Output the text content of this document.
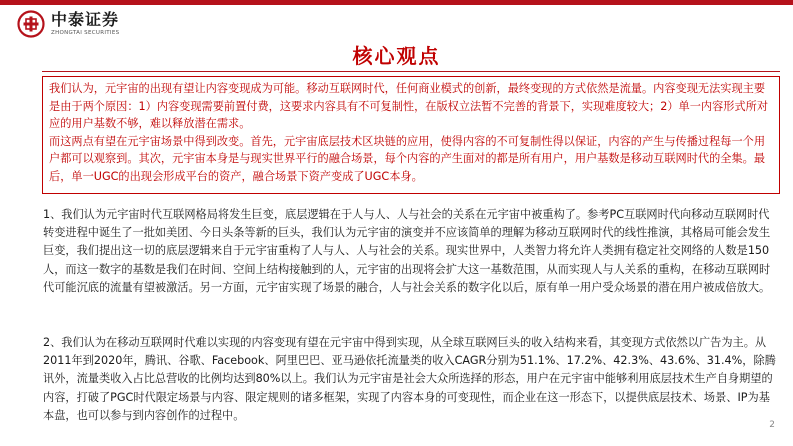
中泰证券
ZHONGTAI SECURITIES
核心观点

我们认为，元宇宙的出现有望让内容变现成为可能。移动互联网时代，任何商业模式的创新，最终变现的方式依然是流量。内容变现无法实现主要是由于两个原因：1）内容变现需要前置付费，这要求内容具有不可复制性，在版权立法暂不完善的背景下，实现难度较大；2）单一内容形式所对应的用户基数不够，难以释放潜在需求。

而这两点有望在元宇宙场景中得到改变。首先，元宇宙底层技术区块链的应用，使得内容的不可复制性得以保证，内容的产生与传播过程每一个用户都可以观察到。其次，元宇宙本身是与现实世界平行的融合场景，每个内容的产生面对的都是所有用户，用户基数是移动互联网时代的全集。最后，单一UGC的出现会形成平台的资产，融合场景下资产变成了UGC本身。

1、我们认为元宇宙时代互联网格局将发生巨变，底层逻辑在于人与人、人与社会的关系在元宇宙中被重构了。参考PC互联网时代向移动互联网时代转变进程中诞生了一批如美团、今日头条等新的巨头，我们认为元宇宙的演变并不应该简单的理解为移动互联网时代的线性推演，其格局可能会发生巨变，我们提出这一切的底层逻辑来自于元宇宙重构了人与人、人与社会的关系。现实世界中，人类智力将允许人类拥有稳定社交网络的人数是150人，而这一数字的基数是我们在时间、空间上结构接触到的人，元宇宙的出现将会扩大这一基数范围，从而实现人与人关系的重构，在移动互联网时代可能沉底的流量有望被激活。另一方面，元宇宙实现了场景的融合，人与社会关系的数字化以后，原有单一用户受众场景的潜在用户被成倍放大。

2、我们认为在移动互联网时代难以实现的内容变现有望在元宇宙中得到实现，从全球互联网巨头的收入结构来看，其变现方式依然以广告为主。从2011年到2020年，腾讯、谷歌、Facebook、阿里巴巴、亚马逊依托流量类的收入CAGR分别为51.1%、17.2%、42.3%、43.6%、31.4%，除腾讯外，流量类收入占比总营收的比例均达到80%以上。我们认为元宇宙是社会大众所选择的形态，用户在元宇宙中能够利用底层技术生产自身期望的内容，打破了PGC时代限定场景与内容、限定规则的诸多框架，实现了内容本身的可变现性，而企业在这一形态下，以提供底层技术、场景、IP为基本盘，也可以参与到内容创作的过程中。

2
